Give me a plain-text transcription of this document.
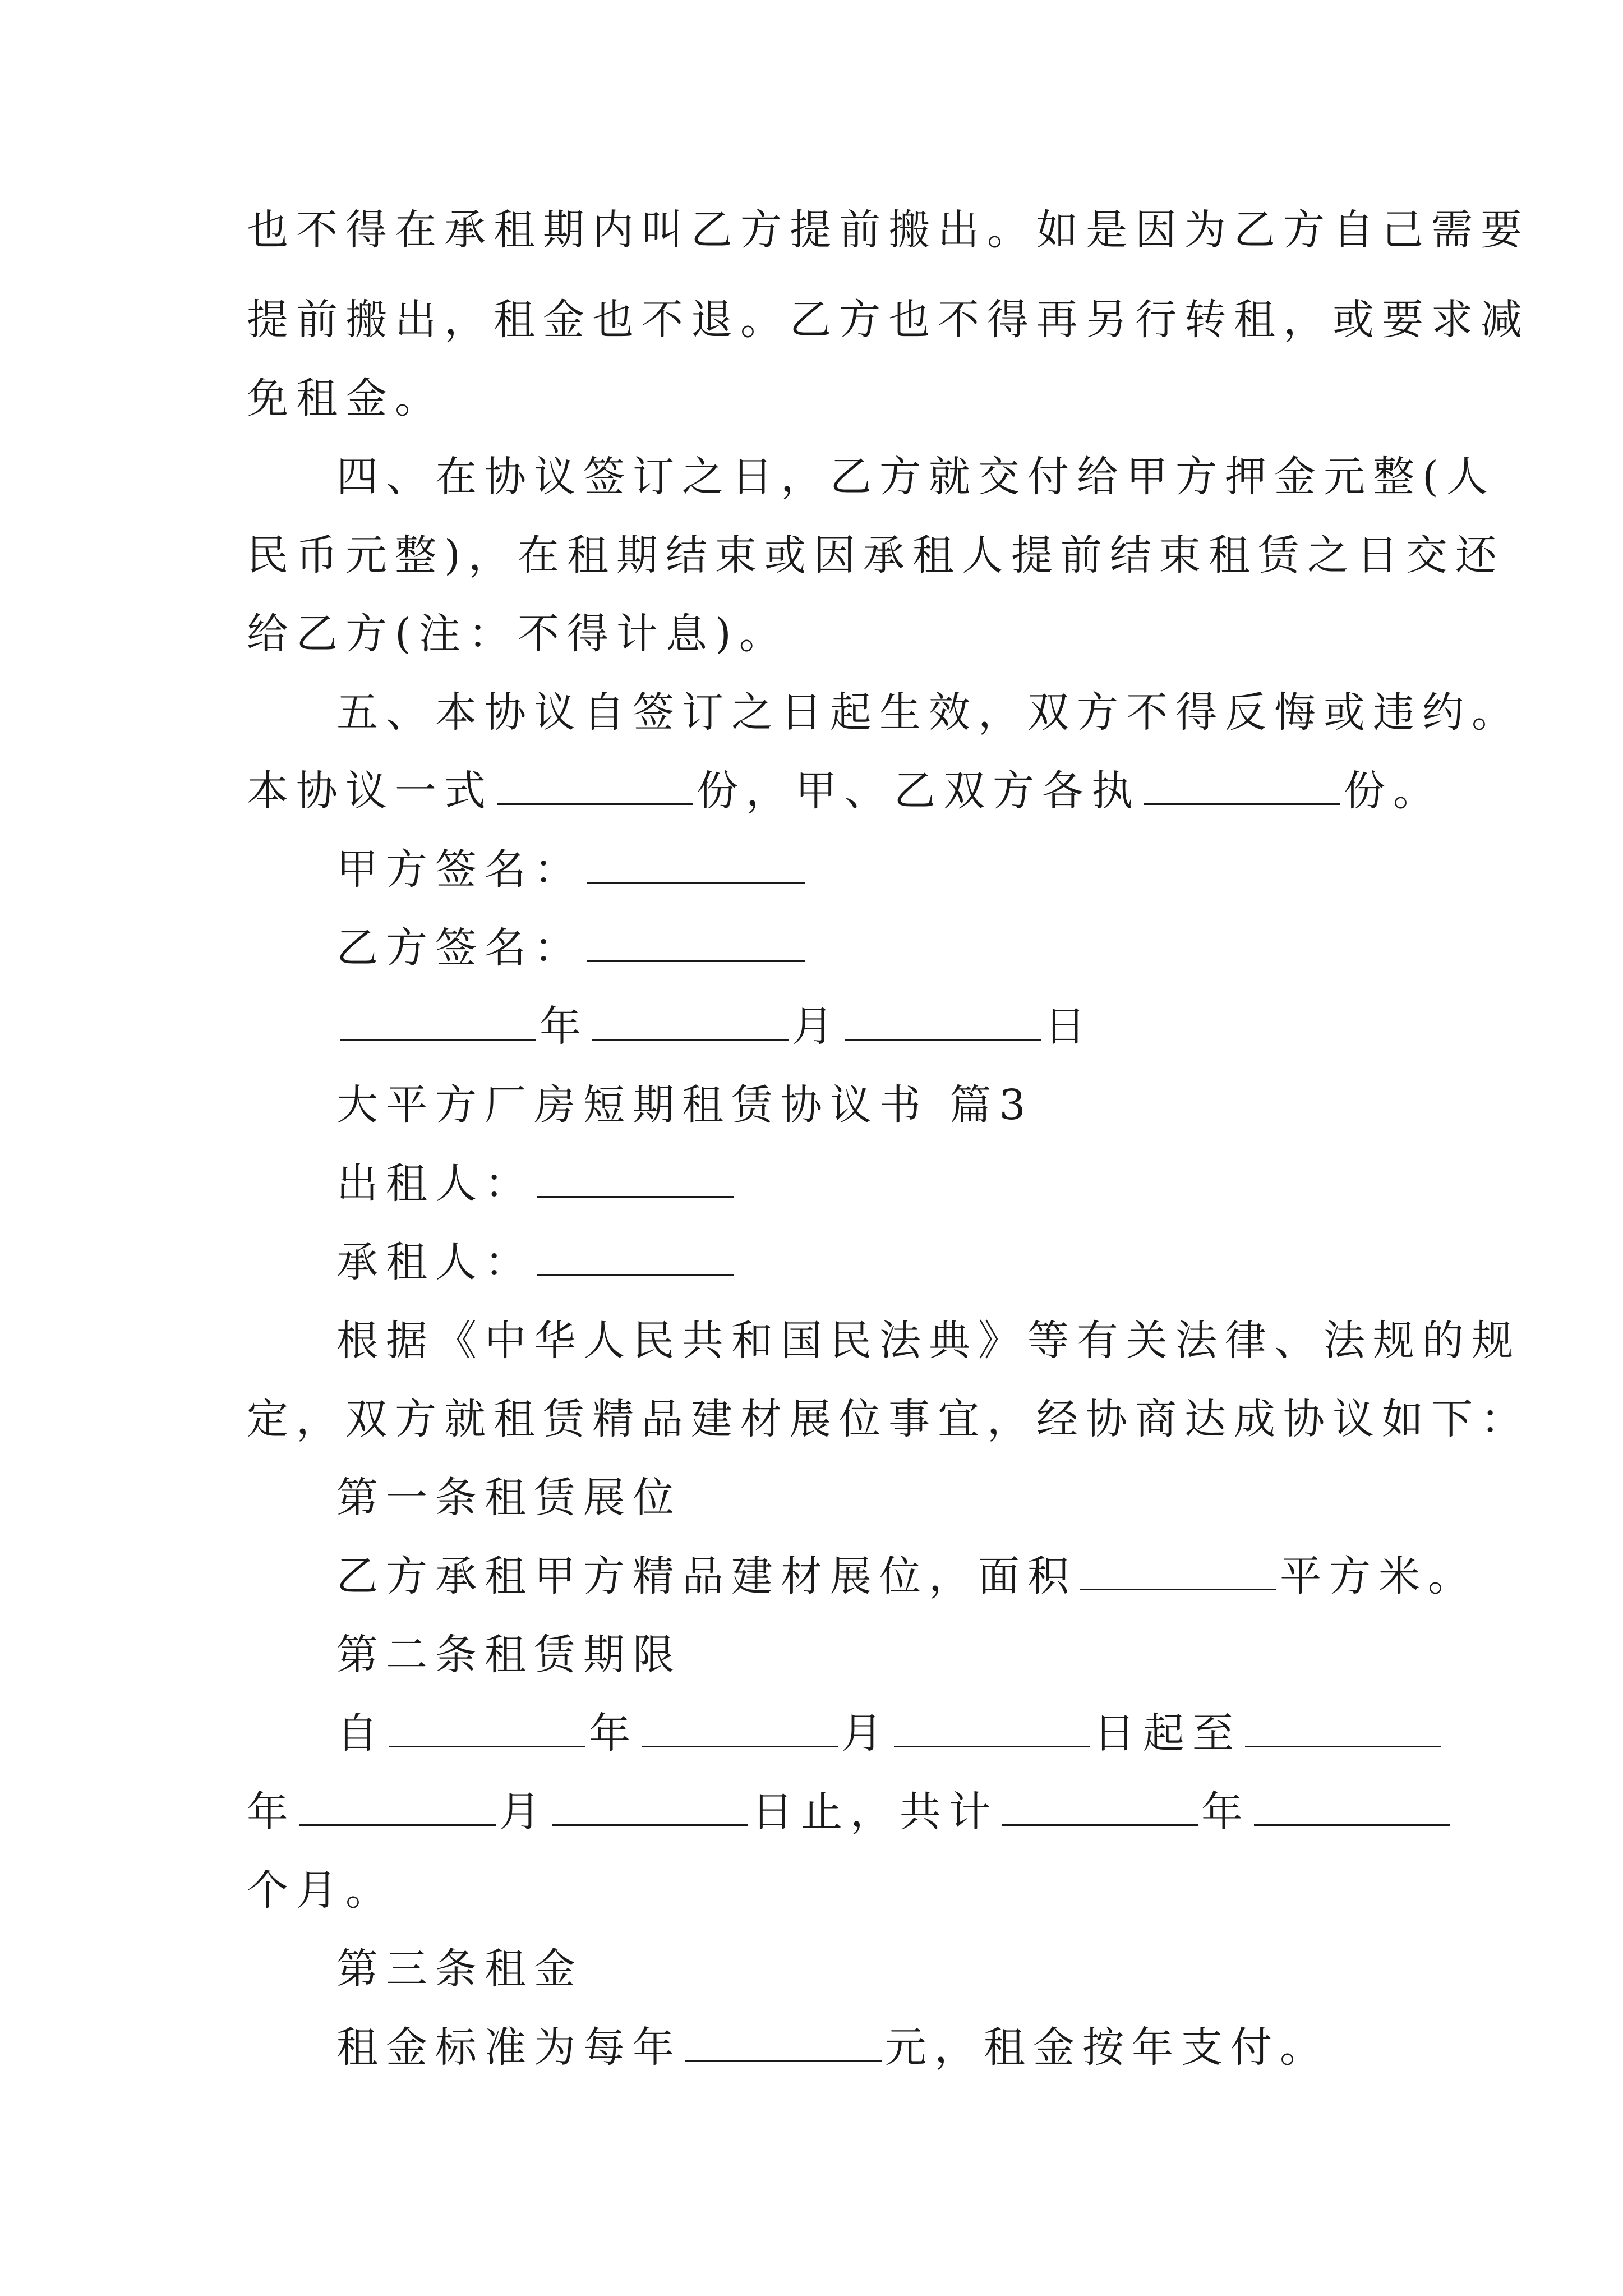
也不得在承租期内叫乙方提前搬出。如是因为乙方自己需要
提前搬出，租金也不退。乙方也不得再另行转租，或要求减
免租金。
四、在协议签订之日，乙方就交付给甲方押金元整(人
民币元整)，在租期结束或因承租人提前结束租赁之日交还
给乙方(注：不得计息)。
五、本协议自签订之日起生效，双方不得反悔或违约。
本协议一式	份，甲、乙双方各执	份。
甲方签名：
乙方签名：
年	月	日
大平方厂房短期租赁协议书 篇3
出租人：
承租人：
根据《中华人民共和国民法典》等有关法律、法规的规
定，双方就租赁精品建材展位事宜，经协商达成协议如下：
第一条租赁展位
乙方承租甲方精品建材展位，面积	平方米。
第二条租赁期限
自	年	月	日起至
年	月	日止，共计	年
个月。
第三条租金
租金标准为每年	元，租金按年支付。
